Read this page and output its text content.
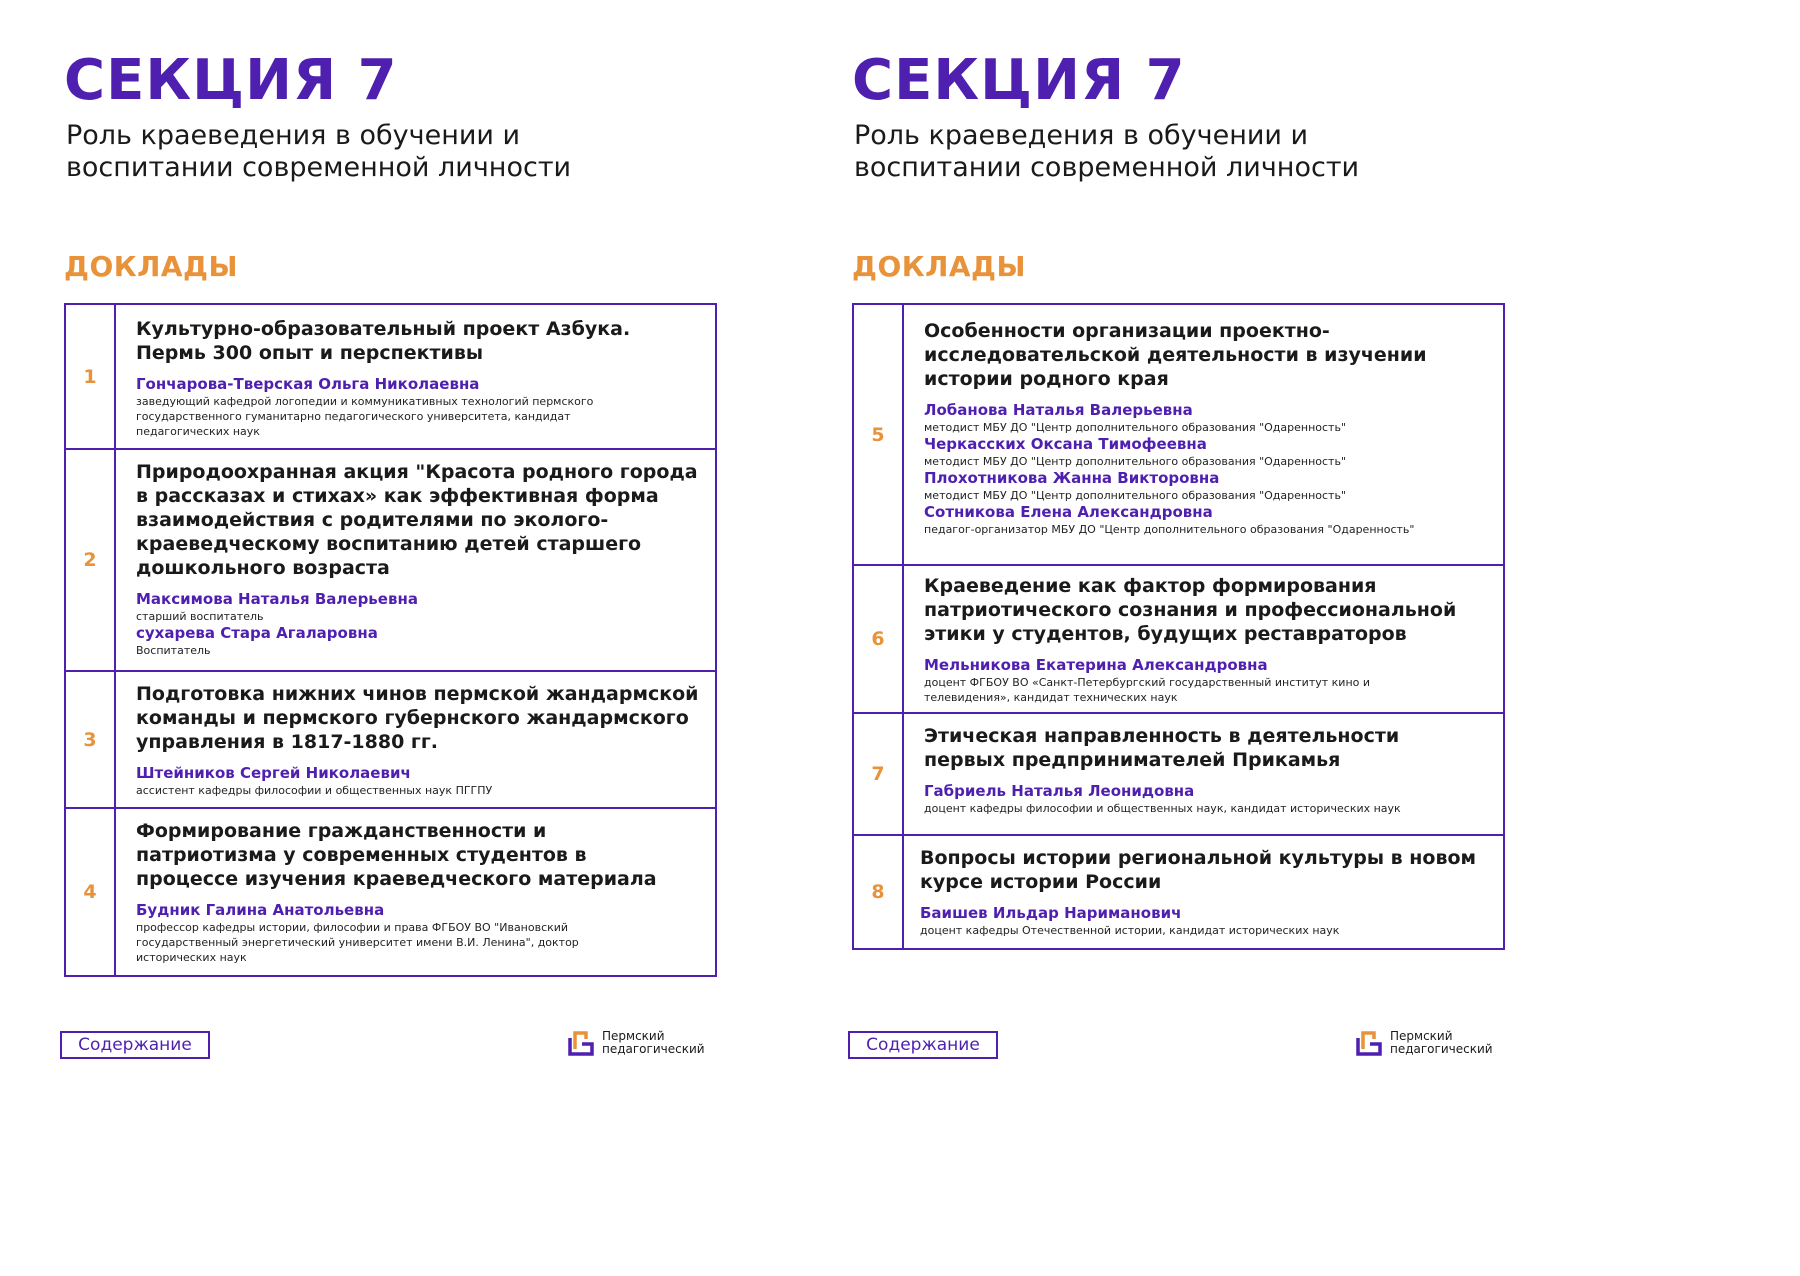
СЕКЦИЯ 7
Роль краеведения в обучении и
воспитании современной личности
ДОКЛАДЫ
1
Культурно-образовательный проект Азбука.
Пермь 300 опыт и перспективы
Гончарова-Тверская Ольга Николаевна
заведующий кафедрой логопедии и коммуникативных технологий пермского
государственного гуманитарно педагогического университета, кандидат
педагогических наук
2
Природоохранная акция "Красота родного города
в рассказах и стихах» как эффективная форма
взаимодействия с родителями по эколого-
краеведческому воспитанию детей старшего
дошкольного возраста
Максимова Наталья Валерьевна
старший воспитатель
сухарева Стара Агаларовна
Воспитатель
3
Подготовка нижних чинов пермской жандармской
команды и пермского губернского жандармского
управления в 1817-1880 гг.
Штейников Сергей Николаевич
ассистент кафедры философии и общественных наук ПГГПУ
4
Формирование гражданственности и
патриотизма у современных студентов в
процессе изучения краеведческого материала
Будник Галина Анатольевна
профессор кафедры истории, философии и права ФГБОУ ВО "Ивановский
государственный энергетический университет имени В.И. Ленина", доктор
исторических наук
Содержание	Пермский
педагогический
СЕКЦИЯ 7
Роль краеведения в обучении и
воспитании современной личности
ДОКЛАДЫ
5
Особенности организации проектно-
исследовательской деятельности в изучении
истории родного края
Лобанова Наталья Валерьевна
методист МБУ ДО "Центр дополнительного образования "Одаренность"
Черкасских Оксана Тимофеевна
методист МБУ ДО "Центр дополнительного образования "Одаренность"
Плохотникова Жанна Викторовна
методист МБУ ДО "Центр дополнительного образования "Одаренность"
Сотникова Елена Александровна
педагог-организатор МБУ ДО "Центр дополнительного образования "Одаренность"
6
Краеведение как фактор формирования
патриотического сознания и профессиональной
этики у студентов, будущих реставраторов
Мельникова Екатерина Александровна
доцент ФГБОУ ВО «Санкт-Петербургский государственный институт кино и
телевидения», кандидат технических наук
7
Этическая направленность в деятельности
первых предпринимателей Прикамья
Габриель Наталья Леонидовна
доцент кафедры философии и общественных наук, кандидат исторических наук
8
Вопросы истории региональной культуры в новом
курсе истории России
Баишев Ильдар Нариманович
доцент кафедры Отечественной истории, кандидат исторических наук
Содержание	Пермский
педагогический
